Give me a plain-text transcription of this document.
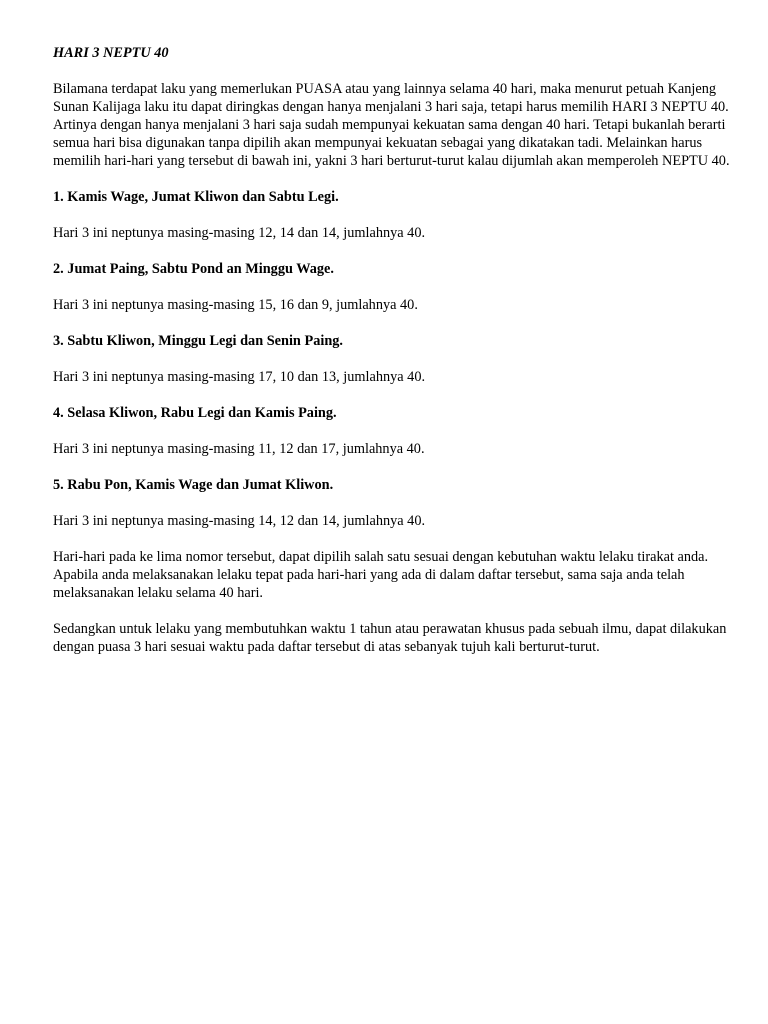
HARI 3 NEPTU 40

Bilamana terdapat laku yang memerlukan PUASA atau yang lainnya selama 40 hari, maka menurut petuah Kanjeng Sunan Kalijaga laku itu dapat diringkas dengan hanya menjalani 3 hari saja, tetapi harus memilih HARI 3 NEPTU 40. Artinya dengan hanya menjalani 3 hari saja sudah mempunyai kekuatan sama dengan 40 hari. Tetapi bukanlah berarti semua hari bisa digunakan tanpa dipilih akan mempunyai kekuatan sebagai yang dikatakan tadi. Melainkan harus memilih hari-hari yang tersebut di bawah ini, yakni 3 hari berturut-turut kalau dijumlah akan memperoleh NEPTU 40.

1. Kamis Wage, Jumat Kliwon dan Sabtu Legi.

Hari 3 ini neptunya masing-masing 12, 14 dan 14, jumlahnya 40.

2. Jumat Paing, Sabtu Pond an Minggu Wage.

Hari 3 ini neptunya masing-masing 15, 16 dan 9, jumlahnya 40.

3. Sabtu Kliwon, Minggu Legi dan Senin Paing.

Hari 3 ini neptunya masing-masing 17, 10 dan 13, jumlahnya 40.

4. Selasa Kliwon, Rabu Legi dan Kamis Paing.

Hari 3 ini neptunya masing-masing 11, 12 dan 17, jumlahnya 40.

5. Rabu Pon, Kamis Wage dan Jumat Kliwon.

Hari 3 ini neptunya masing-masing 14, 12 dan 14, jumlahnya 40.

Hari-hari pada ke lima nomor tersebut, dapat dipilih salah satu sesuai dengan kebutuhan waktu lelaku tirakat anda. Apabila anda melaksanakan lelaku tepat pada hari-hari yang ada di dalam daftar tersebut, sama saja anda telah melaksanakan lelaku selama 40 hari.

Sedangkan untuk lelaku yang membutuhkan waktu 1 tahun atau perawatan khusus pada sebuah ilmu, dapat dilakukan dengan puasa 3 hari sesuai waktu pada daftar tersebut di atas sebanyak tujuh kali berturut-turut.
